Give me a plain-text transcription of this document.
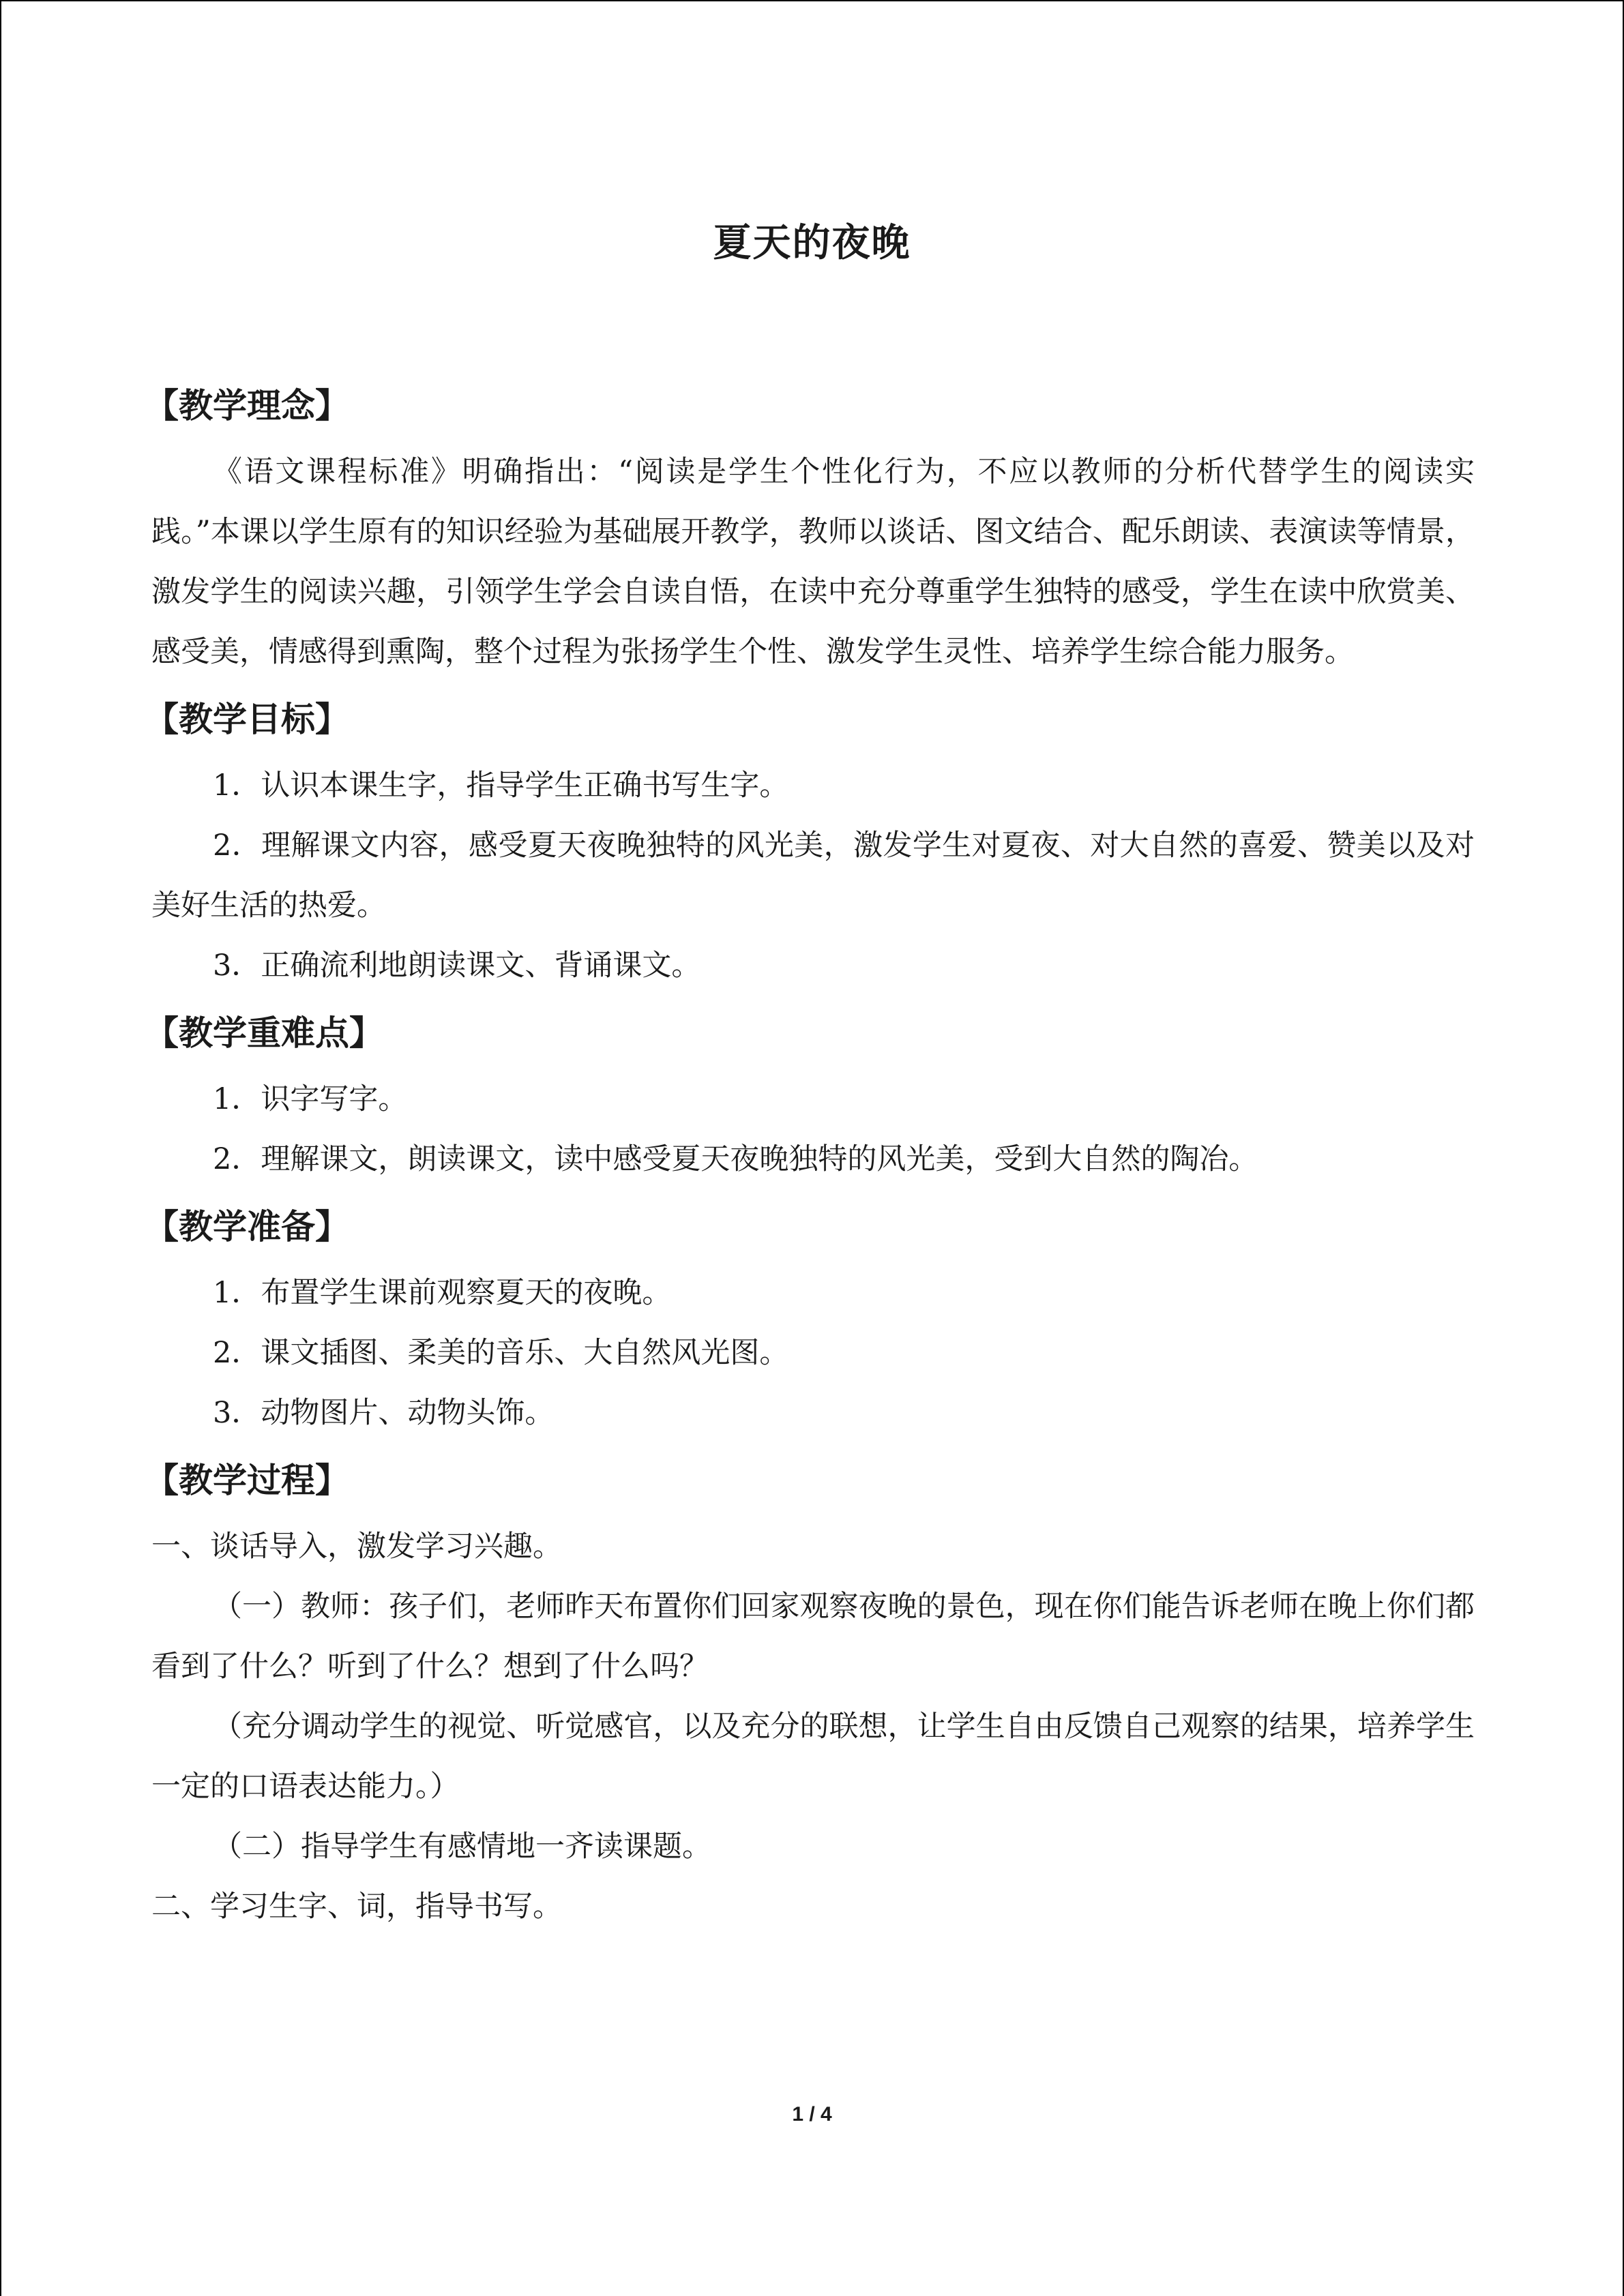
夏天的夜晚
【教学理念】

《语文课程标准》明确指出：“阅读是学生个性化行为，不应以教师的分析代替学生的阅读实践。”本课以学生原有的知识经验为基础展开教学，教师以谈话、图文结合、配乐朗读、表演读等情景，激发学生的阅读兴趣，引领学生学会自读自悟，在读中充分尊重学生独特的感受，学生在读中欣赏美、感受美，情感得到熏陶，整个过程为张扬学生个性、激发学生灵性、培养学生综合能力服务。

【教学目标】

1．认识本课生字，指导学生正确书写生字。

2．理解课文内容，感受夏天夜晚独特的风光美，激发学生对夏夜、对大自然的喜爱、赞美以及对美好生活的热爱。

3．正确流利地朗读课文、背诵课文。

【教学重难点】

1．识字写字。

2．理解课文，朗读课文，读中感受夏天夜晚独特的风光美，受到大自然的陶冶。

【教学准备】

1．布置学生课前观察夏天的夜晚。

2．课文插图、柔美的音乐、大自然风光图。

3．动物图片、动物头饰。

【教学过程】

一、谈话导入，激发学习兴趣。

（一）教师：孩子们，老师昨天布置你们回家观察夜晚的景色，现在你们能告诉老师在晚上你们都看到了什么？听到了什么？想到了什么吗？

（充分调动学生的视觉、听觉感官，以及充分的联想，让学生自由反馈自己观察的结果，培养学生一定的口语表达能力。）

（二）指导学生有感情地一齐读课题。

二、学习生字、词，指导书写。

1 / 4
